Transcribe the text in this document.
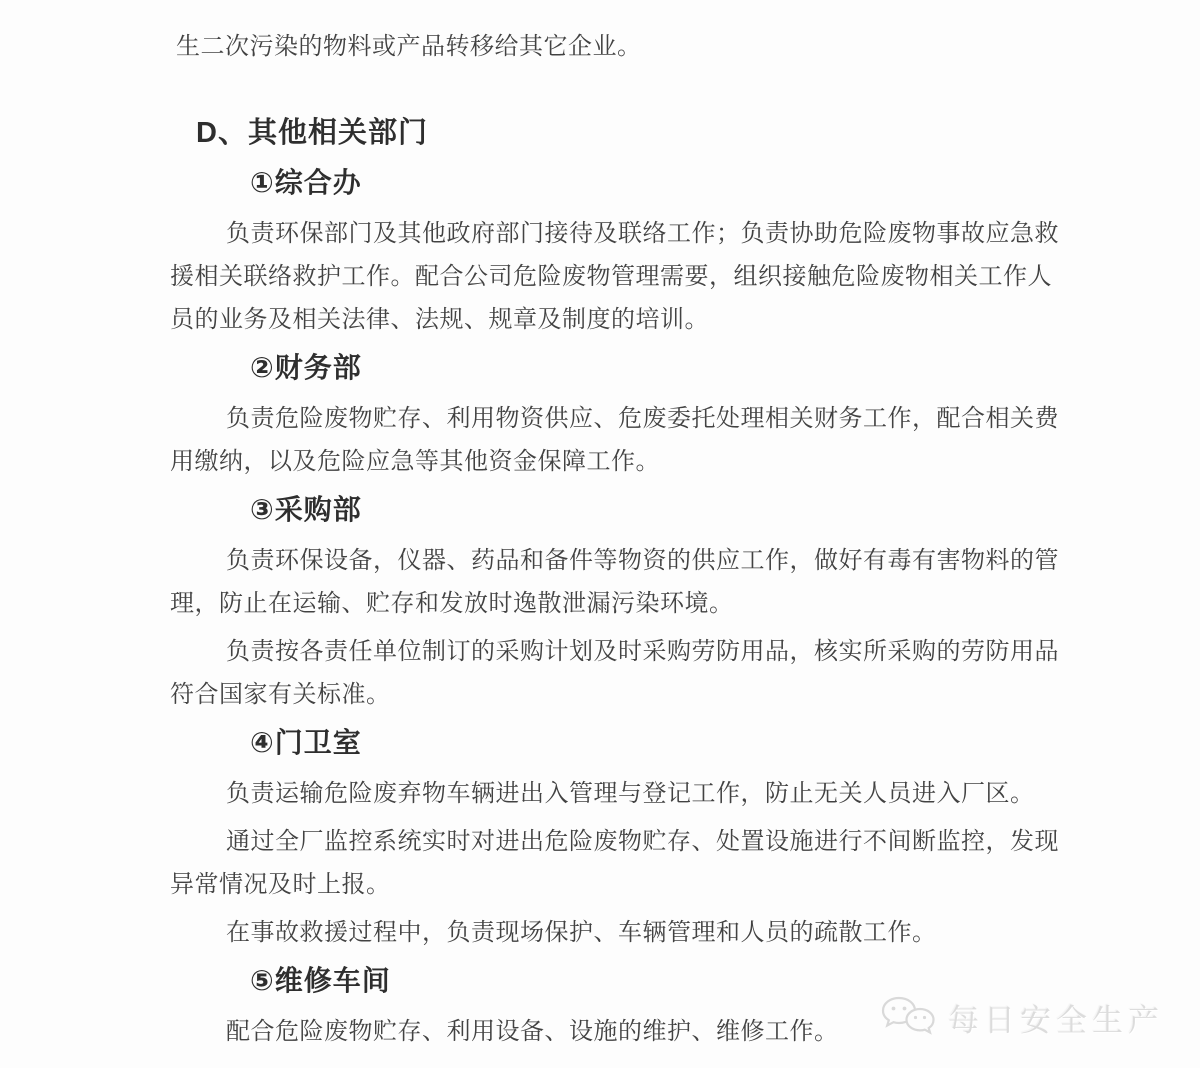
生二次污染的物料或产品转移给其它企业。
D、其他相关部门
①综合办
负责环保部门及其他政府部门接待及联络工作；负责协助危险废物事故应急救
援相关联络救护工作。配合公司危险废物管理需要，组织接触危险废物相关工作人
员的业务及相关法律、法规、规章及制度的培训。
②财务部
负责危险废物贮存、利用物资供应、危废委托处理相关财务工作，配合相关费
用缴纳，以及危险应急等其他资金保障工作。
③采购部
负责环保设备，仪器、药品和备件等物资的供应工作，做好有毒有害物料的管
理，防止在运输、贮存和发放时逸散泄漏污染环境。
负责按各责任单位制订的采购计划及时采购劳防用品，核实所采购的劳防用品
符合国家有关标准。
④门卫室
负责运输危险废弃物车辆进出入管理与登记工作，防止无关人员进入厂区。
通过全厂监控系统实时对进出危险废物贮存、处置设施进行不间断监控，发现
异常情况及时上报。
在事故救援过程中，负责现场保护、车辆管理和人员的疏散工作。
⑤维修车间
配合危险废物贮存、利用设备、设施的维护、维修工作。	每日安全生产
